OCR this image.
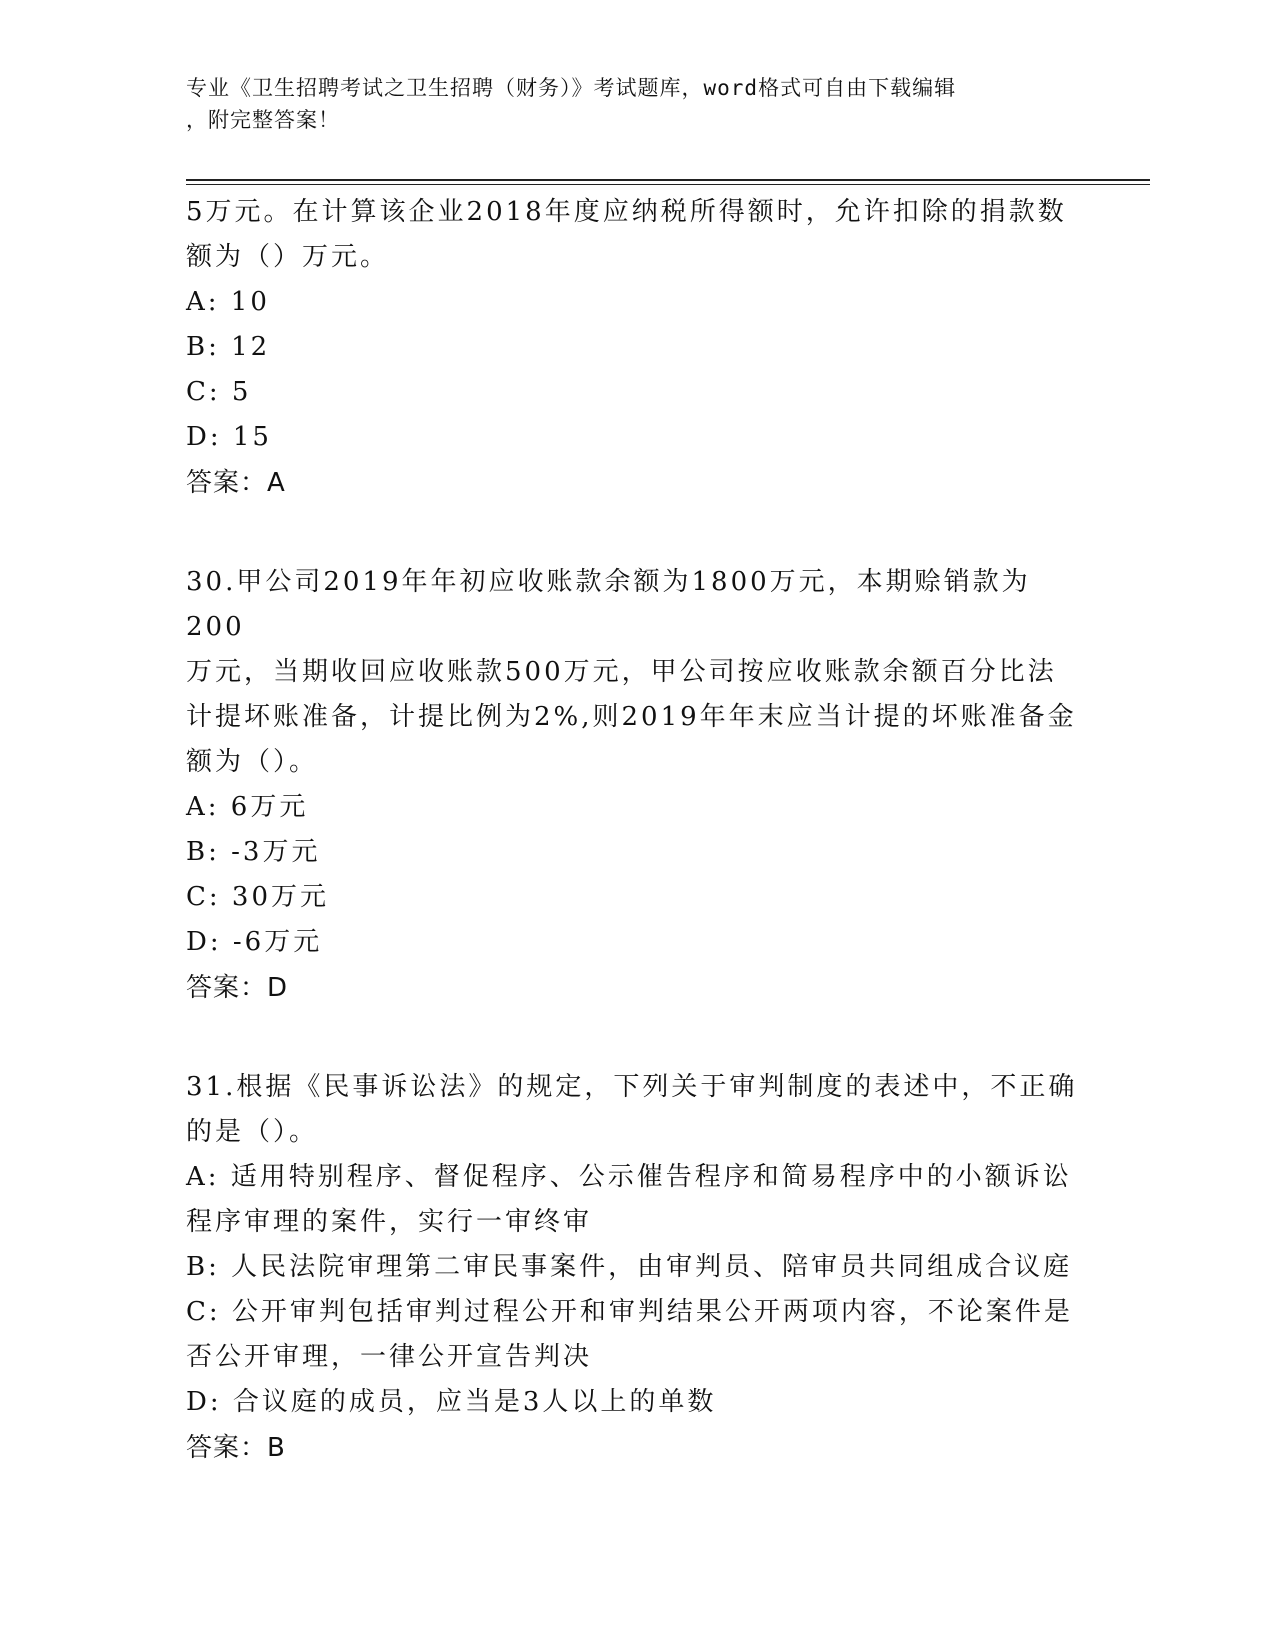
专业《卫生招聘考试之卫生招聘（财务）》考试题库，word格式可自由下载编辑
，附完整答案！
5万元。在计算该企业2018年度应纳税所得额时，允许扣除的捐款数
额为（）万元。
A: 10
B: 12
C: 5
D: 15
答案：A
30.甲公司2019年年初应收账款余额为1800万元，本期赊销款为200
万元，当期收回应收账款500万元，甲公司按应收账款余额百分比法
计提坏账准备，计提比例为2%,则2019年年末应当计提的坏账准备金
额为（）。
A: 6万元
B: -3万元
C: 30万元
D: -6万元
答案：D
31.根据《民事诉讼法》的规定，下列关于审判制度的表述中，不正确
的是（）。
A: 适用特别程序、督促程序、公示催告程序和简易程序中的小额诉讼
程序审理的案件，实行一审终审
B: 人民法院审理第二审民事案件，由审判员、陪审员共同组成合议庭
C: 公开审判包括审判过程公开和审判结果公开两项内容，不论案件是
否公开审理，一律公开宣告判决
D: 合议庭的成员，应当是3人以上的单数
答案：B
